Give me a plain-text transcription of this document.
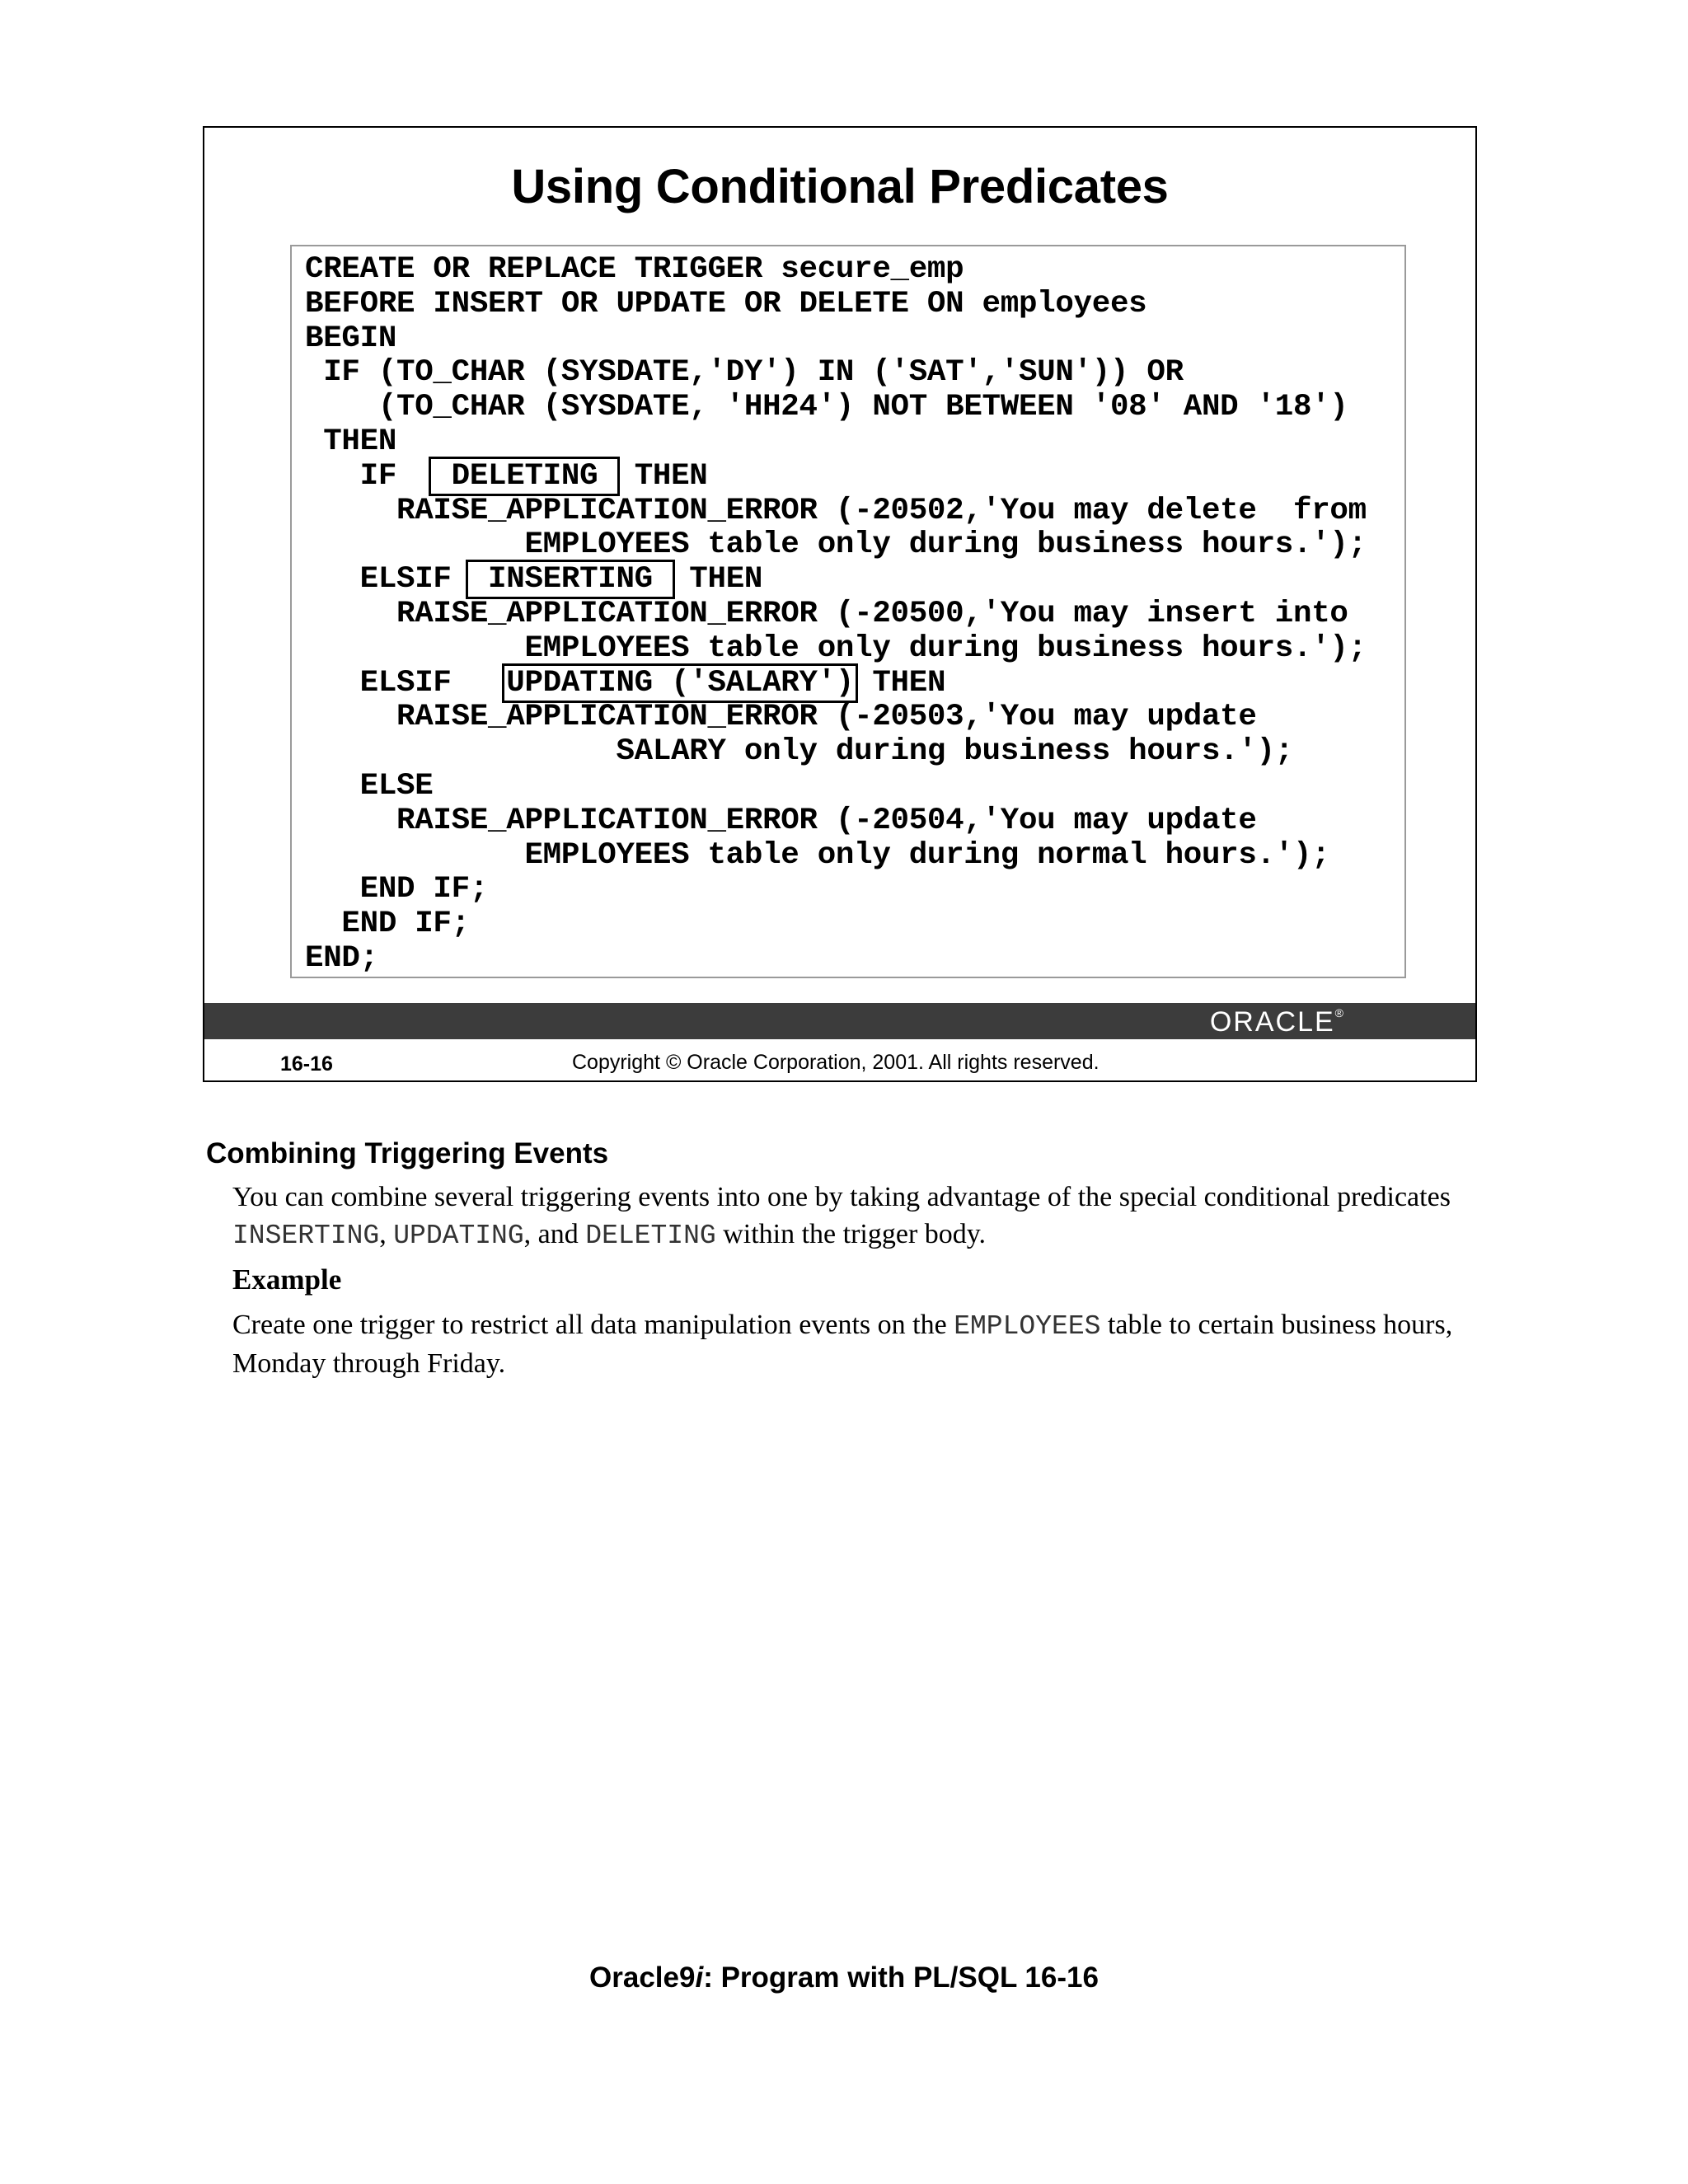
Using Conditional Predicates
CREATE OR REPLACE TRIGGER secure_emp
BEFORE INSERT OR UPDATE OR DELETE ON employees
BEGIN
IF (TO_CHAR (SYSDATE,'DY') IN ('SAT','SUN')) OR
(TO_CHAR (SYSDATE, 'HH24') NOT BETWEEN '08' AND '18')
THEN
IF   DELETING  THEN
RAISE_APPLICATION_ERROR (-20502,'You may delete  from
EMPLOYEES table only during business hours.');
ELSIF  INSERTING  THEN
RAISE_APPLICATION_ERROR (-20500,'You may insert into
EMPLOYEES table only during business hours.');
ELSIF   UPDATING ('SALARY') THEN
RAISE_APPLICATION_ERROR (-20503,'You may update
SALARY only during business hours.');
ELSE
RAISE_APPLICATION_ERROR (-20504,'You may update
EMPLOYEES table only during normal hours.');
END IF;
END IF;
END;
ORACLE®
16-16	Copyright © Oracle Corporation, 2001. All rights reserved.
Combining Triggering Events
You can combine several triggering events into one by taking advantage of the special conditional predicates INSERTING, UPDATING, and DELETING within the trigger body.
Example
Create one trigger to restrict all data manipulation events on the EMPLOYEES table to certain business hours, Monday through Friday.
Oracle9i: Program with PL/SQL 16-16
